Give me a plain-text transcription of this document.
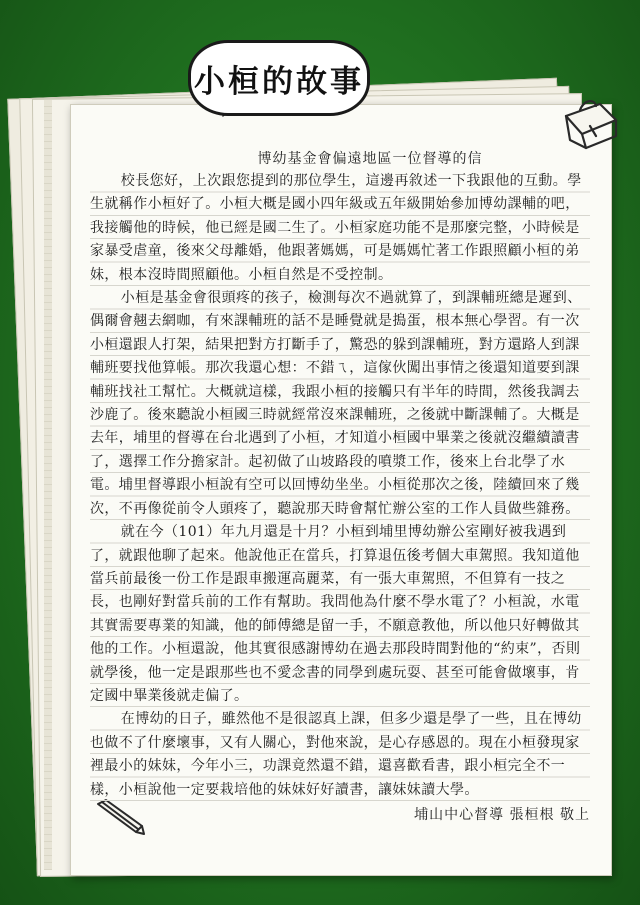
小桓的故事
博幼基金會偏遠地區一位督導的信

校長您好，上次跟您提到的那位學生，這邊再敘述一下我跟他的互動。學生就稱作小桓好了。小桓大概是國小四年級或五年級開始參加博幼課輔的吧，我接觸他的時候，他已經是國二生了。小桓家庭功能不是那麼完整，小時候是家暴受虐童，後來父母離婚，他跟著媽媽，可是媽媽忙著工作跟照顧小桓的弟妹，根本沒時間照顧他。小桓自然是不受控制。

小桓是基金會很頭疼的孩子，檢測每次不過就算了，到課輔班總是遲到、偶爾會翹去網咖，有來課輔班的話不是睡覺就是搗蛋，根本無心學習。有一次小桓還跟人打架，結果把對方打斷手了，驚恐的躲到課輔班，對方還路人到課輔班要找他算帳。那次我還心想：不錯ㄟ，這傢伙闖出事情之後還知道要到課輔班找社工幫忙。大概就這樣，我跟小桓的接觸只有半年的時間，然後我調去沙鹿了。後來聽說小桓國三時就經常沒來課輔班，之後就中斷課輔了。大概是去年，埔里的督導在台北遇到了小桓，才知道小桓國中畢業之後就沒繼續讀書了，選擇工作分擔家計。起初做了山坡路段的噴漿工作，後來上台北學了水電。埔里督導跟小桓說有空可以回博幼坐坐。小桓從那次之後，陸續回來了幾次，不再像從前令人頭疼了，聽說那天時會幫忙辦公室的工作人員做些雜務。

就在今（101）年九月還是十月？小桓到埔里博幼辦公室剛好被我遇到了，就跟他聊了起來。他說他正在當兵，打算退伍後考個大車駕照。我知道他當兵前最後一份工作是跟車搬運高麗菜，有一張大車駕照，不但算有一技之長，也剛好對當兵前的工作有幫助。我問他為什麼不學水電了？小桓說，水電其實需要專業的知識，他的師傅總是留一手，不願意教他，所以他只好轉做其他的工作。小桓還說，他其實很感謝博幼在過去那段時間對他的“約束”，否則就學後，他一定是跟那些也不愛念書的同學到處玩耍、甚至可能會做壞事，肯定國中畢業後就走偏了。

在博幼的日子，雖然他不是很認真上課，但多少還是學了一些，且在博幼也做不了什麼壞事，又有人關心，對他來說，是心存感恩的。現在小桓發現家裡最小的妹妹，今年小三，功課竟然還不錯，還喜歡看書，跟小桓完全不一樣，小桓說他一定要栽培他的妹妹好好讀書，讓妹妹讀大學。

埔山中心督導 張桓根 敬上
